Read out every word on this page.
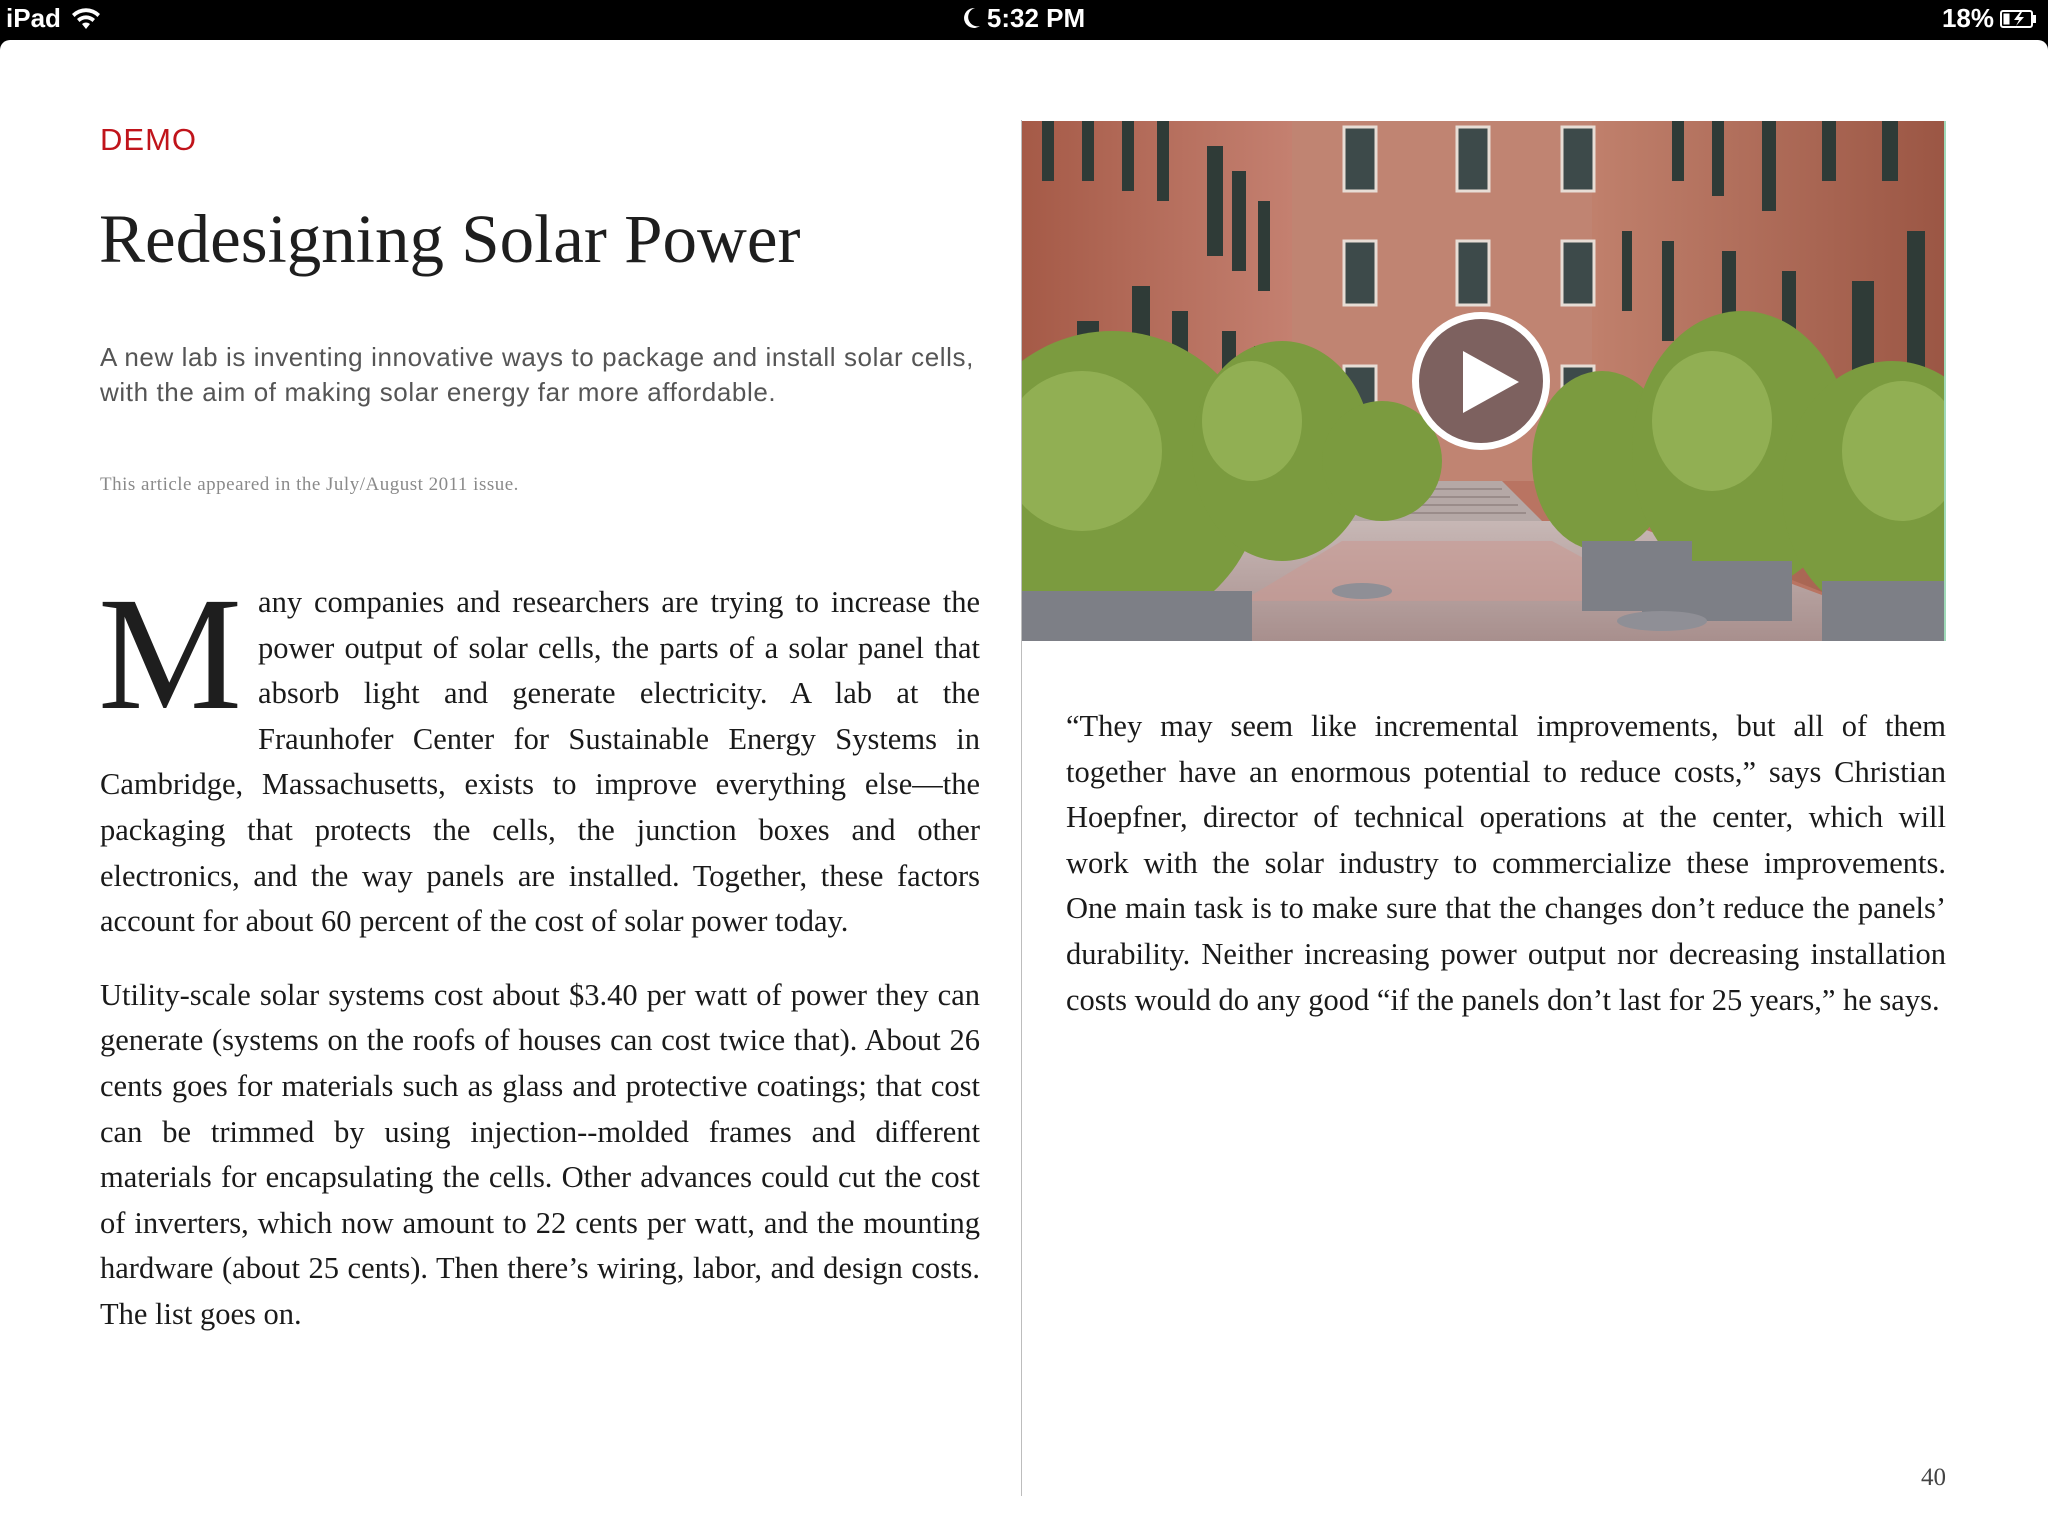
iPad	5:32 PM	18%
DEMO
Redesigning Solar Power

A new lab is inventing innovative ways to package and install solar cells, with the aim of making solar energy far more affordable.

This article appeared in the July/August 2011 issue.

Many companies and researchers are trying to increase the power output of solar cells, the parts of a solar panel that absorb light and generate electricity. A lab at the Fraunhofer Center for Sustainable Energy Systems in Cambridge, Massachusetts, exists to improve everything else—the packaging that protects the cells, the junction boxes and other electronics, and the way panels are installed. Together, these factors account for about 60 percent of the cost of solar power today.

Utility-scale solar systems cost about $3.40 per watt of power they can generate (systems on the roofs of houses can cost twice that). About 26 cents goes for materials such as glass and protective coatings; that cost can be trimmed by using injection--molded frames and different materials for encapsulating the cells. Other advances could cut the cost of inverters, which now amount to 22 cents per watt, and the mounting hardware (about 25 cents). Then there’s wiring, labor, and design costs. The list goes on.

“They may seem like incremental improvements, but all of them together have an enormous potential to reduce costs,” says Christian Hoepfner, director of technical operations at the center, which will work with the solar industry to commercialize these improvements. One main task is to make sure that the changes don’t reduce the panels’ durability. Neither increasing power output nor decreasing installation costs would do any good “if the panels don’t last for 25 years,” he says.

40
